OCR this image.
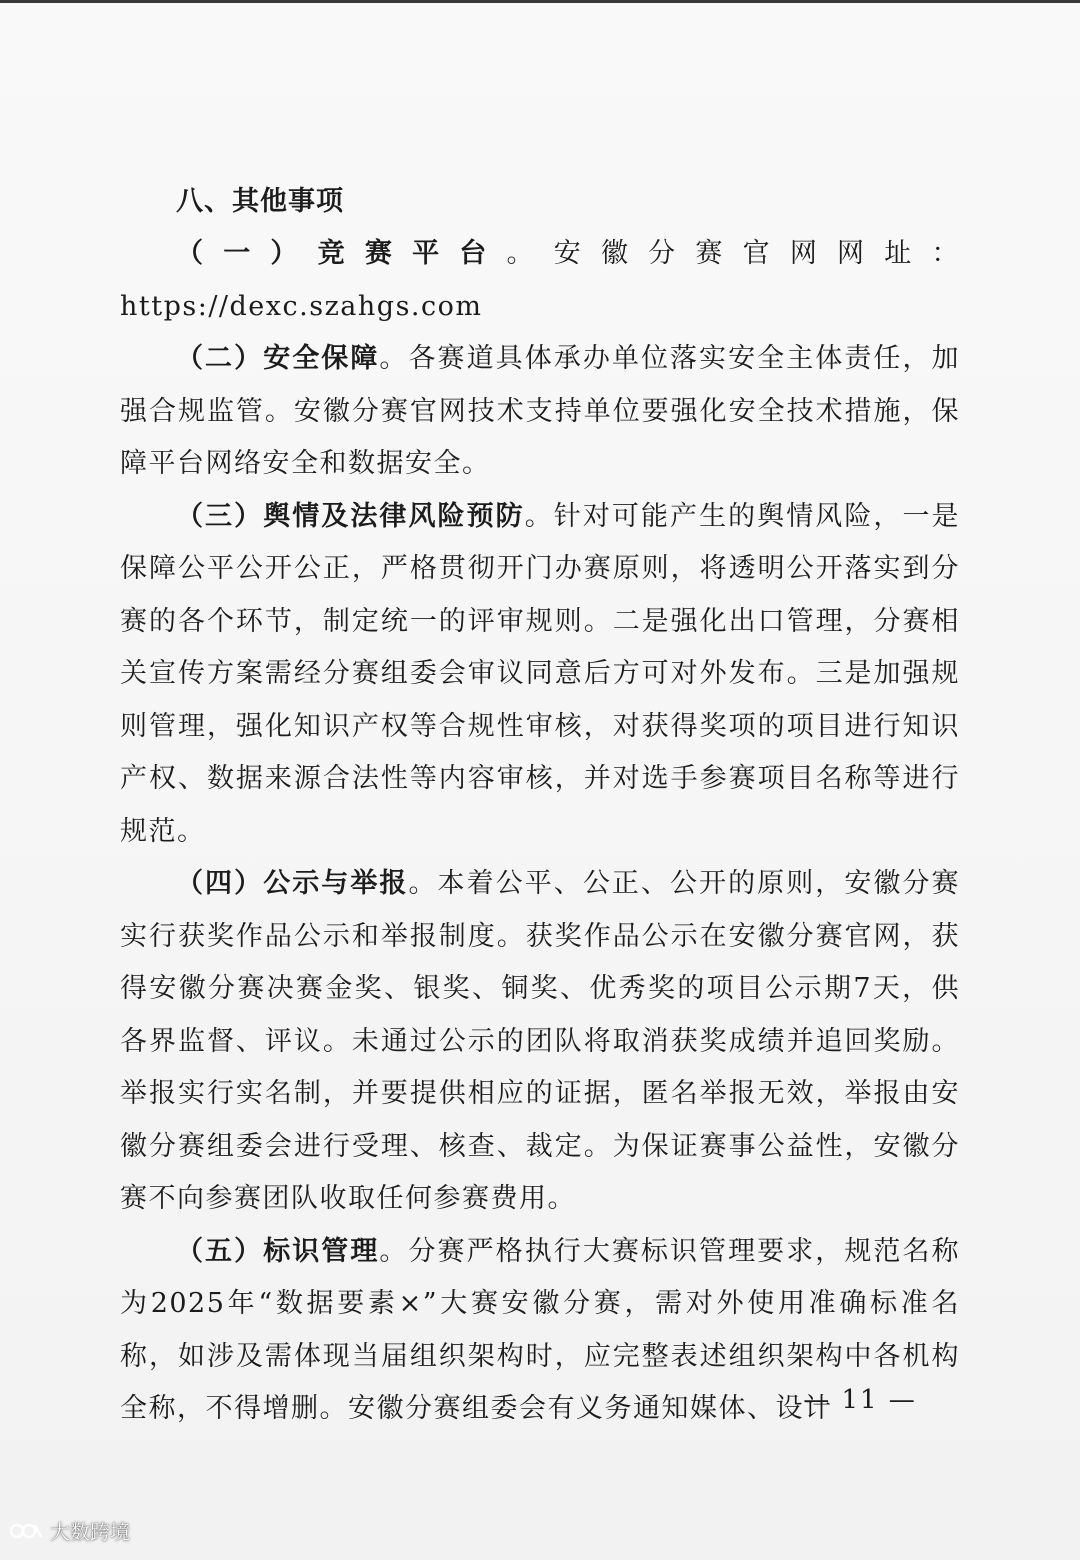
八、其他事项

（一）竞赛平台。安徽分赛官网网址：https://dexc.szahgs.com

（二）安全保障。各赛道具体承办单位落实安全主体责任，加强合规监管。安徽分赛官网技术支持单位要强化安全技术措施，保障平台网络安全和数据安全。

（三）舆情及法律风险预防。针对可能产生的舆情风险，一是保障公平公开公正，严格贯彻开门办赛原则，将透明公开落实到分赛的各个环节，制定统一的评审规则。二是强化出口管理，分赛相关宣传方案需经分赛组委会审议同意后方可对外发布。三是加强规则管理，强化知识产权等合规性审核，对获得奖项的项目进行知识产权、数据来源合法性等内容审核，并对选手参赛项目名称等进行规范。

（四）公示与举报。本着公平、公正、公开的原则，安徽分赛实行获奖作品公示和举报制度。获奖作品公示在安徽分赛官网，获得安徽分赛决赛金奖、银奖、铜奖、优秀奖的项目公示期7天，供各界监督、评议。未通过公示的团队将取消获奖成绩并追回奖励。举报实行实名制，并要提供相应的证据，匿名举报无效，举报由安徽分赛组委会进行受理、核查、裁定。为保证赛事公益性，安徽分赛不向参赛团队收取任何参赛费用。

（五）标识管理。分赛严格执行大赛标识管理要求，规范名称为2025年“数据要素×”大赛安徽分赛，需对外使用准确标准名称，如涉及需体现当届组织架构时，应完整表述组织架构中各机构全称，不得增删。安徽分赛组委会有义务通知媒体、设计

— 11 —
大数跨境
